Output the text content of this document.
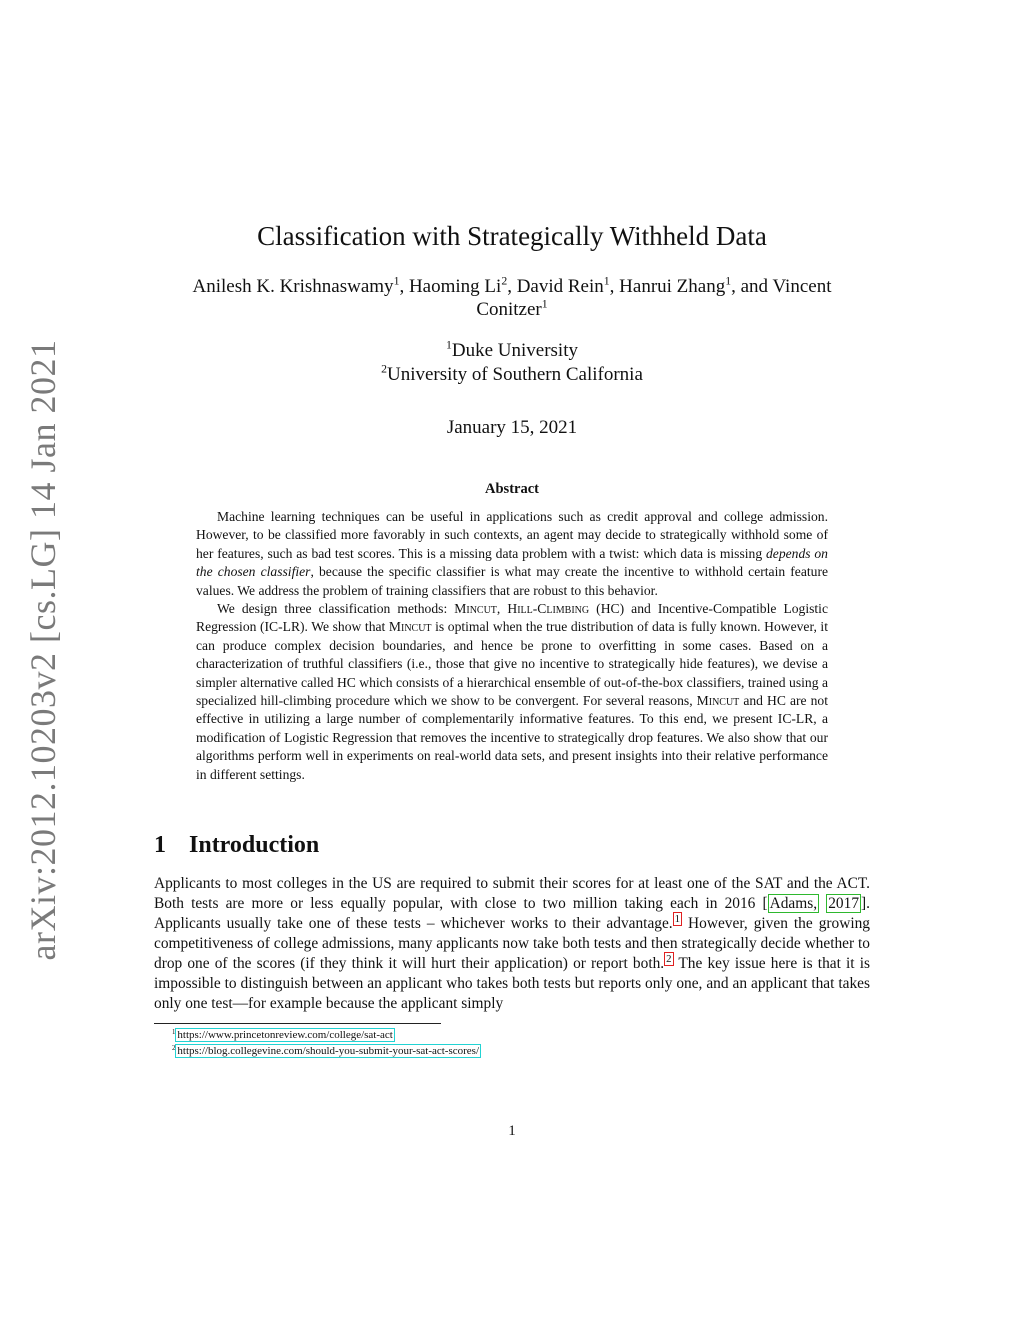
arXiv:2012.10203v2 [cs.LG] 14 Jan 2021
Classification with Strategically Withheld Data
Anilesh K. Krishnaswamy$^1$, Haoming Li$^2$, David Rein$^1$, Hanrui Zhang$^1$, and Vincent Conitzer$^1$
$^1$Duke University
$^2$University of Southern California
January 15, 2021
Abstract

Machine learning techniques can be useful in applications such as credit approval and college admission. However, to be classified more favorably in such contexts, an agent may decide to strategically withhold some of her features, such as bad test scores. This is a missing data problem with a twist: which data is missing depends on the chosen classifier, because the specific classifier is what may create the incentive to withhold certain feature values. We address the problem of training classifiers that are robust to this behavior.

We design three classification methods: Mincut, Hill-Climbing (HC) and Incentive-Compatible Logistic Regression (IC-LR). We show that Mincut is optimal when the true distribution of data is fully known. However, it can produce complex decision boundaries, and hence be prone to overfitting in some cases. Based on a characterization of truthful classifiers (i.e., those that give no incentive to strategically hide features), we devise a simpler alternative called HC which consists of a hierarchical ensemble of out-of-the-box classifiers, trained using a specialized hill-climbing procedure which we show to be convergent. For several reasons, Mincut and HC are not effective in utilizing a large number of complementarily informative features. To this end, we present IC-LR, a modification of Logistic Regression that removes the incentive to strategically drop features. We also show that our algorithms perform well in experiments on real-world data sets, and present insights into their relative performance in different settings.

1 Introduction

Applicants to most colleges in the US are required to submit their scores for at least one of the SAT and the ACT. Both tests are more or less equally popular, with close to two million taking each in 2016 [ Adams, 2017 ]. Applicants usually take one of these tests – whichever works to their advantage. $^1$ However, given the growing competitiveness of college admissions, many applicants now take both tests and then strategically decide whether to drop one of the scores (if they think it will hurt their application) or report both. $^2$ The key issue here is that it is impossible to distinguish between an applicant who takes both tests but reports only one, and an applicant that takes only one test—for example because the applicant simply

$^1$ https://www.princetonreview.com/college/sat-act
$^2$ https://blog.collegevine.com/should-you-submit-your-sat-act-scores/
1
